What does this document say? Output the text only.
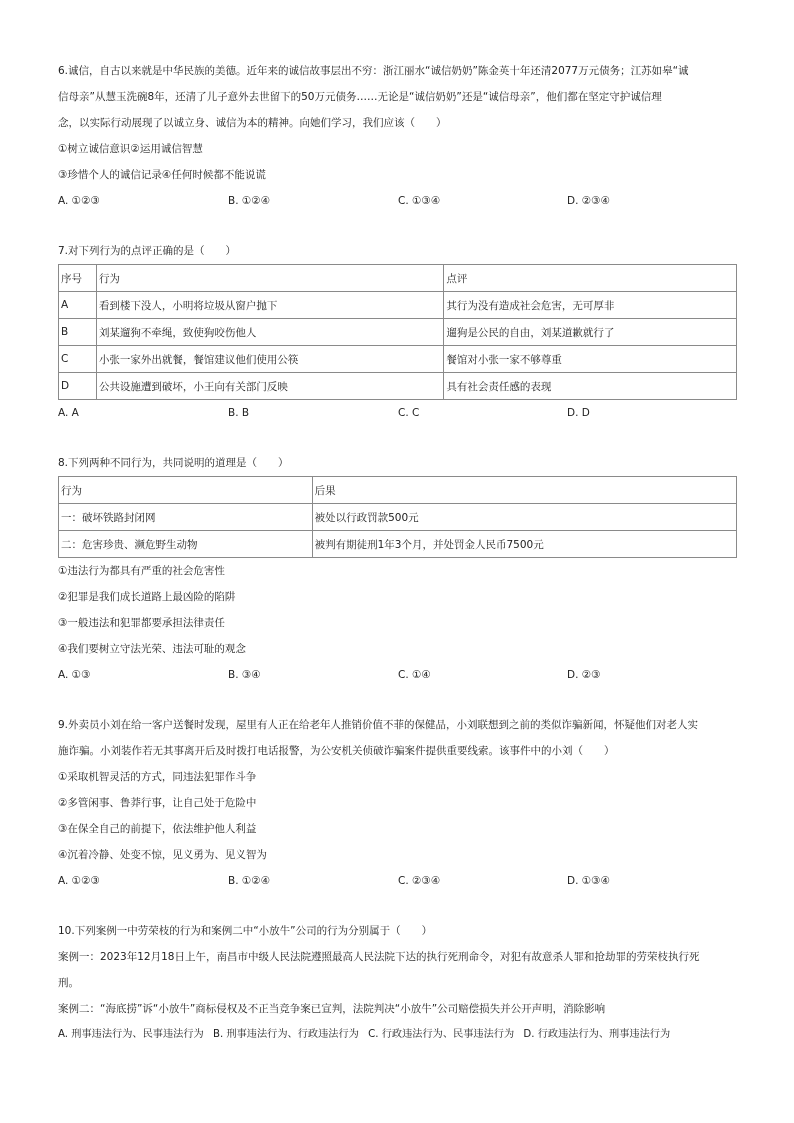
6.诚信，自古以来就是中华民族的美德。近年来的诚信故事层出不穷：浙江丽水“诚信奶奶”陈金英十年还清2077万元债务；江苏如皋“诚
信母亲”从慧玉洗碗8年，还清了儿子意外去世留下的50万元债务……无论是“诚信奶奶”还是“诚信母亲”，他们都在坚定守护诚信理
念，以实际行动展现了以诚立身、诚信为本的精神。向她们学习，我们应该（　　）
①树立诚信意识②运用诚信智慧
③珍惜个人的诚信记录④任何时候都不能说谎
A. ①②③	B. ①②④	C. ①③④	D. ②③④
7.对下列行为的点评正确的是（　　）
序号	行为	点评
A	看到楼下没人，小明将垃圾从窗户抛下	其行为没有造成社会危害，无可厚非
B	刘某遛狗不牵绳，致使狗咬伤他人	遛狗是公民的自由，刘某道歉就行了
C	小张一家外出就餐，餐馆建议他们使用公筷	餐馆对小张一家不够尊重
D	公共设施遭到破坏，小王向有关部门反映	具有社会责任感的表现
A. A	B. B	C. C	D. D
8.下列两种不同行为，共同说明的道理是（　　）
行为	后果
一：破坏铁路封闭网	被处以行政罚款500元
二：危害珍贵、濒危野生动物	被判有期徒刑1年3个月，并处罚金人民币7500元
①违法行为都具有严重的社会危害性
②犯罪是我们成长道路上最凶险的陷阱
③一般违法和犯罪都要承担法律责任
④我们要树立守法光荣、违法可耻的观念
A. ①③	B. ③④	C. ①④	D. ②③
9.外卖员小刘在给一客户送餐时发现，屋里有人正在给老年人推销价值不菲的保健品，小刘联想到之前的类似诈骗新闻，怀疑他们对老人实
施诈骗。小刘装作若无其事离开后及时拨打电话报警，为公安机关侦破诈骗案件提供重要线索。该事件中的小刘（　　）
①采取机智灵活的方式，同违法犯罪作斗争
②多管闲事、鲁莽行事，让自己处于危险中
③在保全自己的前提下，依法维护他人利益
④沉着冷静、处变不惊，见义勇为、见义智为
A. ①②③	B. ①②④	C. ②③④	D. ①③④
10.下列案例一中劳荣枝的行为和案例二中“小放牛”公司的行为分别属于（　　）
案例一：2023年12月18日上午，南昌市中级人民法院遵照最高人民法院下达的执行死刑命令，对犯有故意杀人罪和抢劫罪的劳荣枝执行死
刑。
案例二：“海底捞”诉“小放牛”商标侵权及不正当竞争案已宣判，法院判决“小放牛”公司赔偿损失并公开声明，消除影响
A. 刑事违法行为、民事违法行为 B. 刑事违法行为、行政违法行为 C. 行政违法行为、民事违法行为 D. 行政违法行为、刑事违法行为
